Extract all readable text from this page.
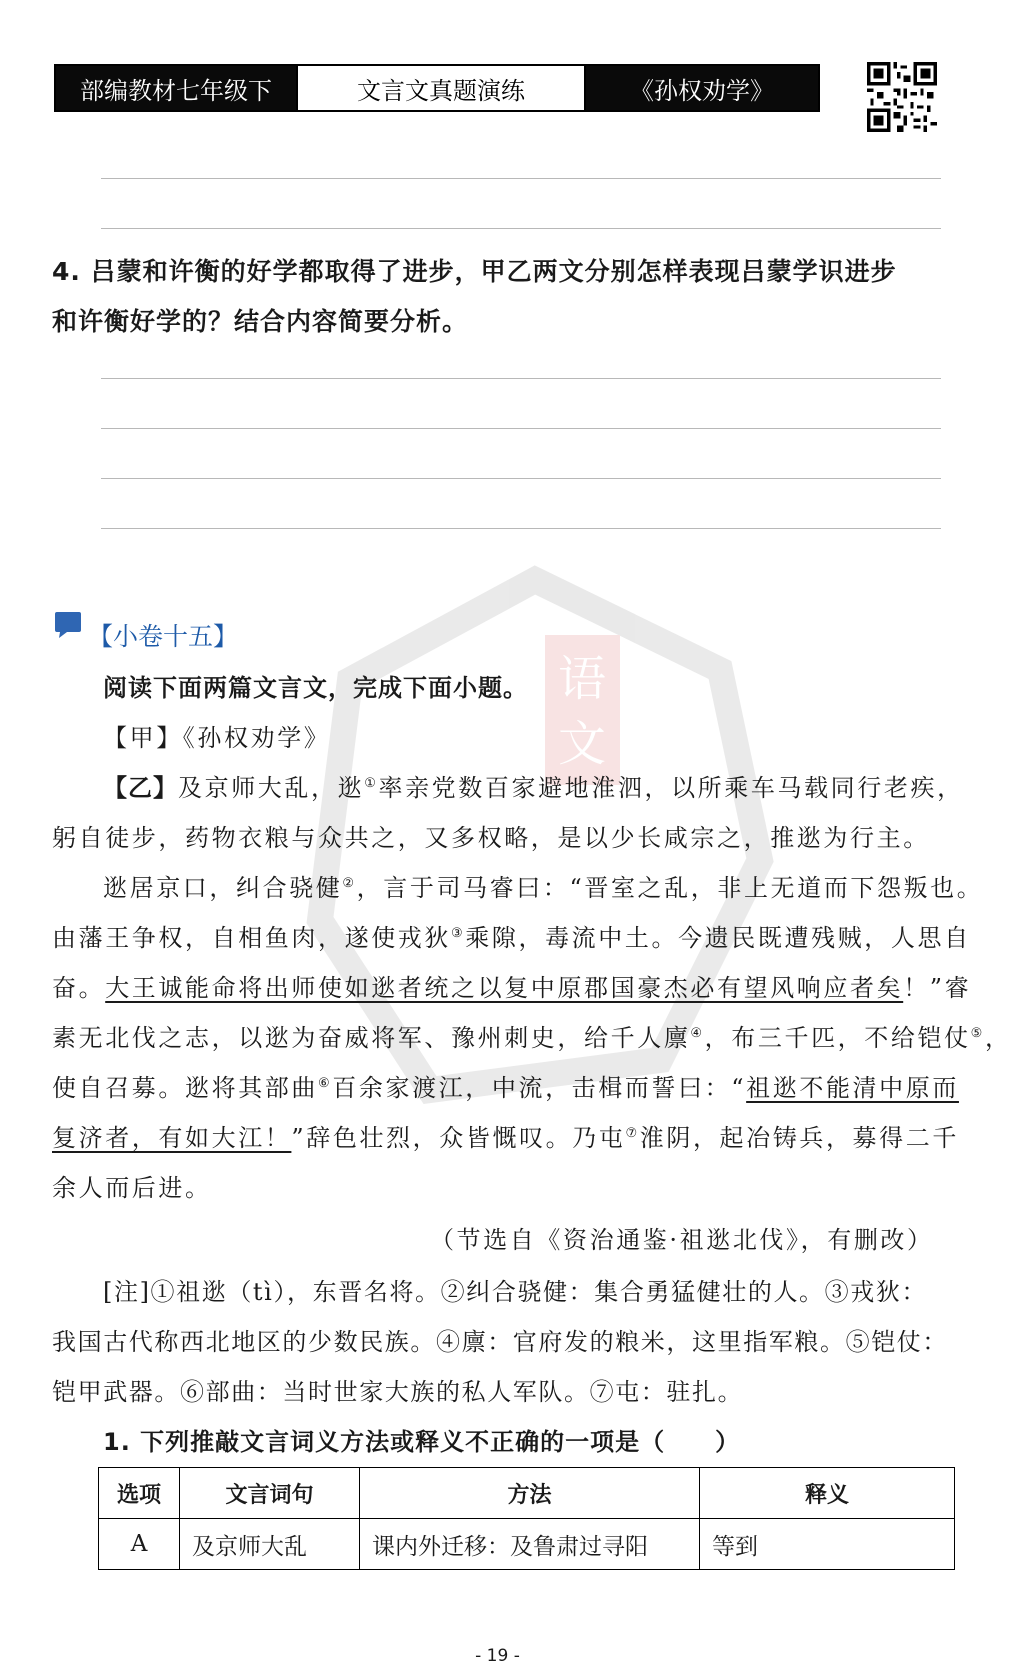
部编教材七年级下	文言文真题演练	《孙权劝学》
4. 吕蒙和许衡的好学都取得了进步，甲乙两文分别怎样表现吕蒙学识进步
和许衡好学的？结合内容简要分析。
语
文
【小卷十五】
阅读下面两篇文言文，完成下面小题。
【甲】《孙权劝学》
【乙】及京师大乱，逖①率亲党数百家避地淮泗，以所乘车马载同行老疾，
躬自徒步，药物衣粮与众共之，又多权略，是以少长咸宗之，推逖为行主。
逖居京口，纠合骁健②，言于司马睿曰：“晋室之乱，非上无道而下怨叛也。
由藩王争权，自相鱼肉，遂使戎狄③乘隙，毒流中土。今遗民既遭残贼，人思自
奋。大王诚能命将出师使如逖者统之以复中原郡国豪杰必有望风响应者矣！”睿
素无北伐之志，以逖为奋威将军、豫州刺史，给千人廪④，布三千匹，不给铠仗⑤，
使自召募。逖将其部曲⑥百余家渡江，中流，击楫而誓曰：“祖逖不能清中原而
复济者，有如大江！”辞色壮烈，众皆慨叹。乃屯⑦淮阴，起冶铸兵，募得二千
余人而后进。
（节选自《资治通鉴·祖逖北伐》，有删改）
[注]①祖逖（tì），东晋名将。②纠合骁健：集合勇猛健壮的人。③戎狄：
我国古代称西北地区的少数民族。④廪：官府发的粮米，这里指军粮。⑤铠仗：
铠甲武器。⑥部曲：当时世家大族的私人军队。⑦屯：驻扎。
1. 下列推敲文言词义方法或释义不正确的一项是（　　）
选项	文言词句	方法	释义
A	及京师大乱	课内外迁移：及鲁肃过寻阳	等到
- 19 -
